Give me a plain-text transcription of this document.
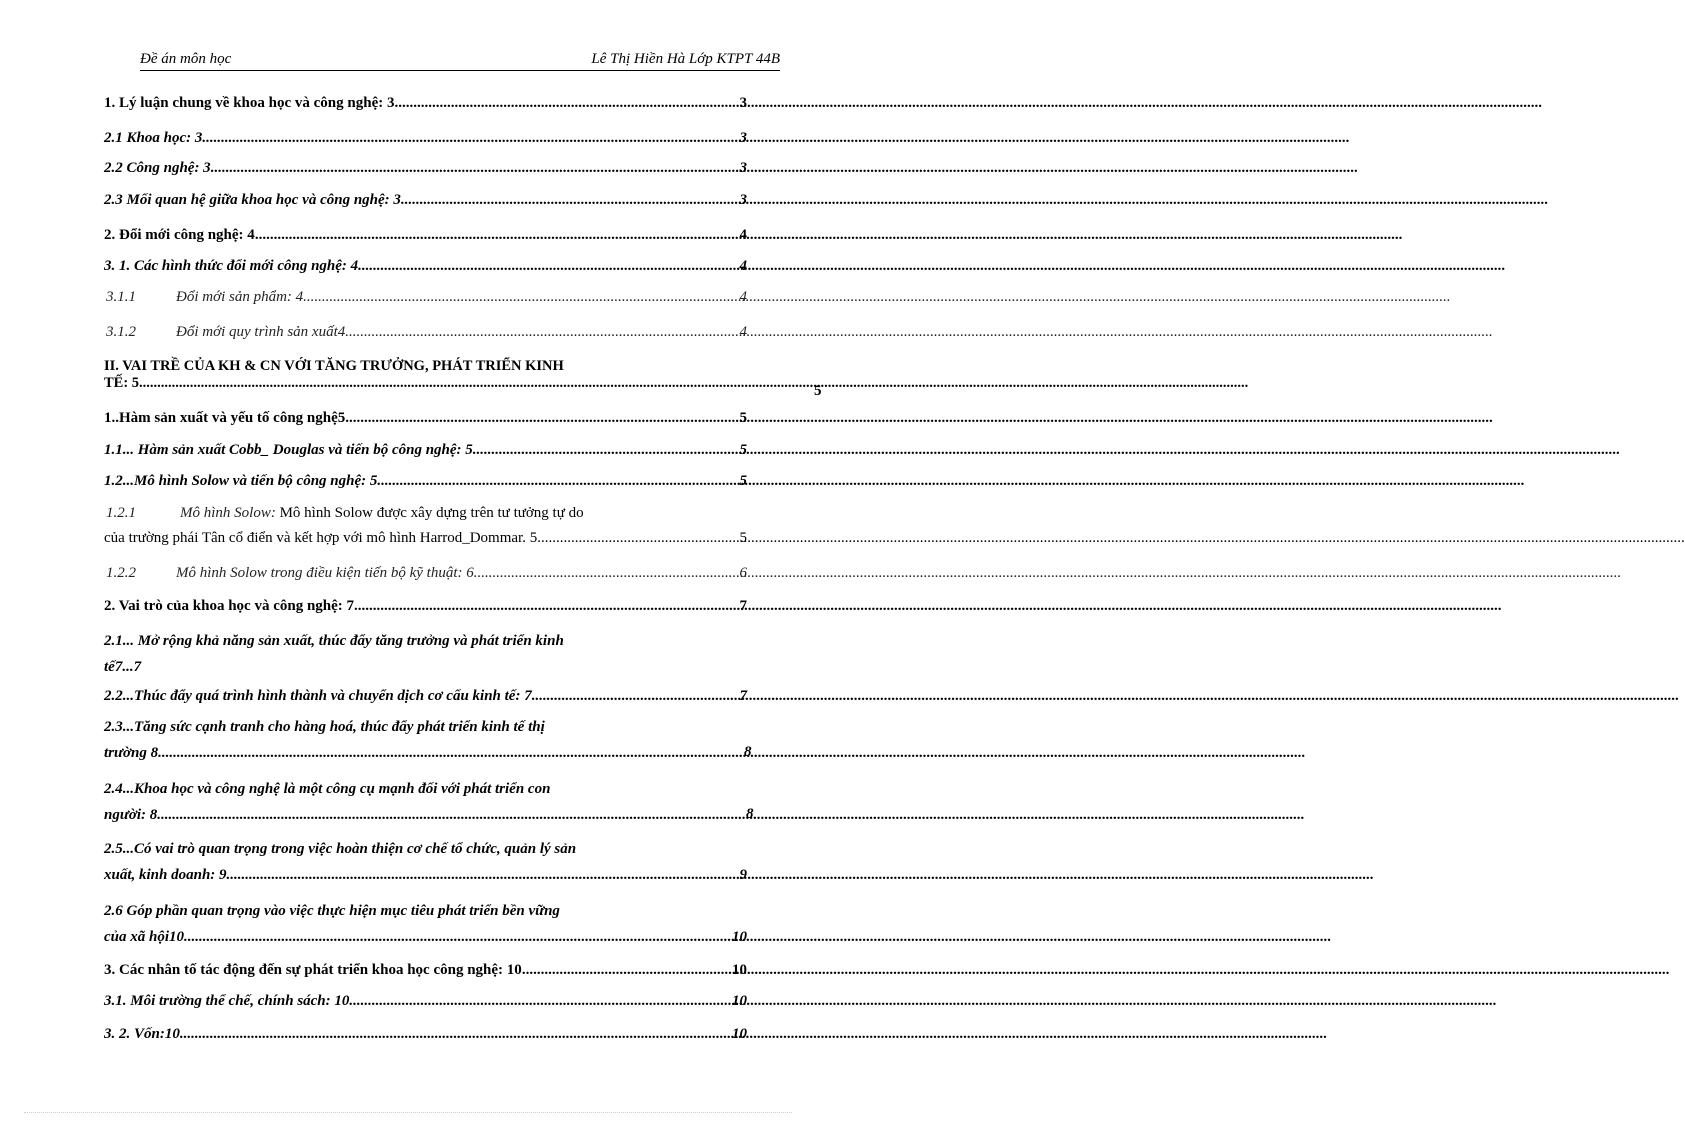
Đề án môn học	Lê Thị Hiền Hà Lớp KTPT 44B
1. Lý luận chung về khoa học và công nghệ: 3 .....	3
2.1 Khoa học: 3 .....	3
2.2 Công nghệ: 3 .....	3
2.3 Mối quan hệ giữa khoa học và công nghệ: 3 .....	3
2. Đổi mới công nghệ: 4 .....	4
3. 1. Các hình thức đổi mới công nghệ: 4 .....	4
3.1.1	Đổi mới sản phẩm: 4 .....	4
3.1.2	Đổi mới quy trình sản xuất4 .....	4
II. VAI TRỀ CỦA KH & CN VỚI TĂNG TRƯỞNG, PHÁT TRIỂN KINH
TẾ: 5 .....	5
1..Hàm sản xuất và yếu tố công nghệ5 .....	5
1.1... Hàm sản xuất Cobb_ Douglas và tiến bộ công nghệ: 5 .....	5
1.2...Mô hình Solow và tiến bộ công nghệ: 5 .....	5
1.2.1	Mô hình Solow: Mô hình Solow được xây dựng trên tư tưởng tự do
của trường phái Tân cổ điển và kết hợp với mô hình Harrod_Dommar. 5 .....	5
1.2.2	Mô hình Solow trong điều kiện tiến bộ kỹ thuật: 6 .....	6
2. Vai trò của khoa học và công nghệ: 7 .....	7
2.1... Mở rộng khả năng sản xuất, thúc đẩy tăng trưởng và phát triển kinh
tế7...7
2.2...Thúc đẩy quá trình hình thành và chuyển dịch cơ cấu kinh tế: 7 .....	7
2.3...Tăng sức cạnh tranh cho hàng hoá, thúc đẩy phát triển kinh tế thị
trường 8 .....	8
2.4...Khoa học và công nghệ là một công cụ mạnh đối với phát triển con
người: 8 .....	8
2.5...Có vai trò quan trọng trong việc hoàn thiện cơ chế tổ chức, quản lý sản
xuất, kinh doanh: 9 .....	9
2.6 Góp phần quan trọng vào việc thực hiện mục tiêu phát triển bền vững
của xã hội10 .....	10
3. Các nhân tố tác động đến sự phát triển khoa học công nghệ: 10 .....	10
3.1. Môi trường thể chế, chính sách: 10 .....	10
3. 2. Vốn:10 .....	10
